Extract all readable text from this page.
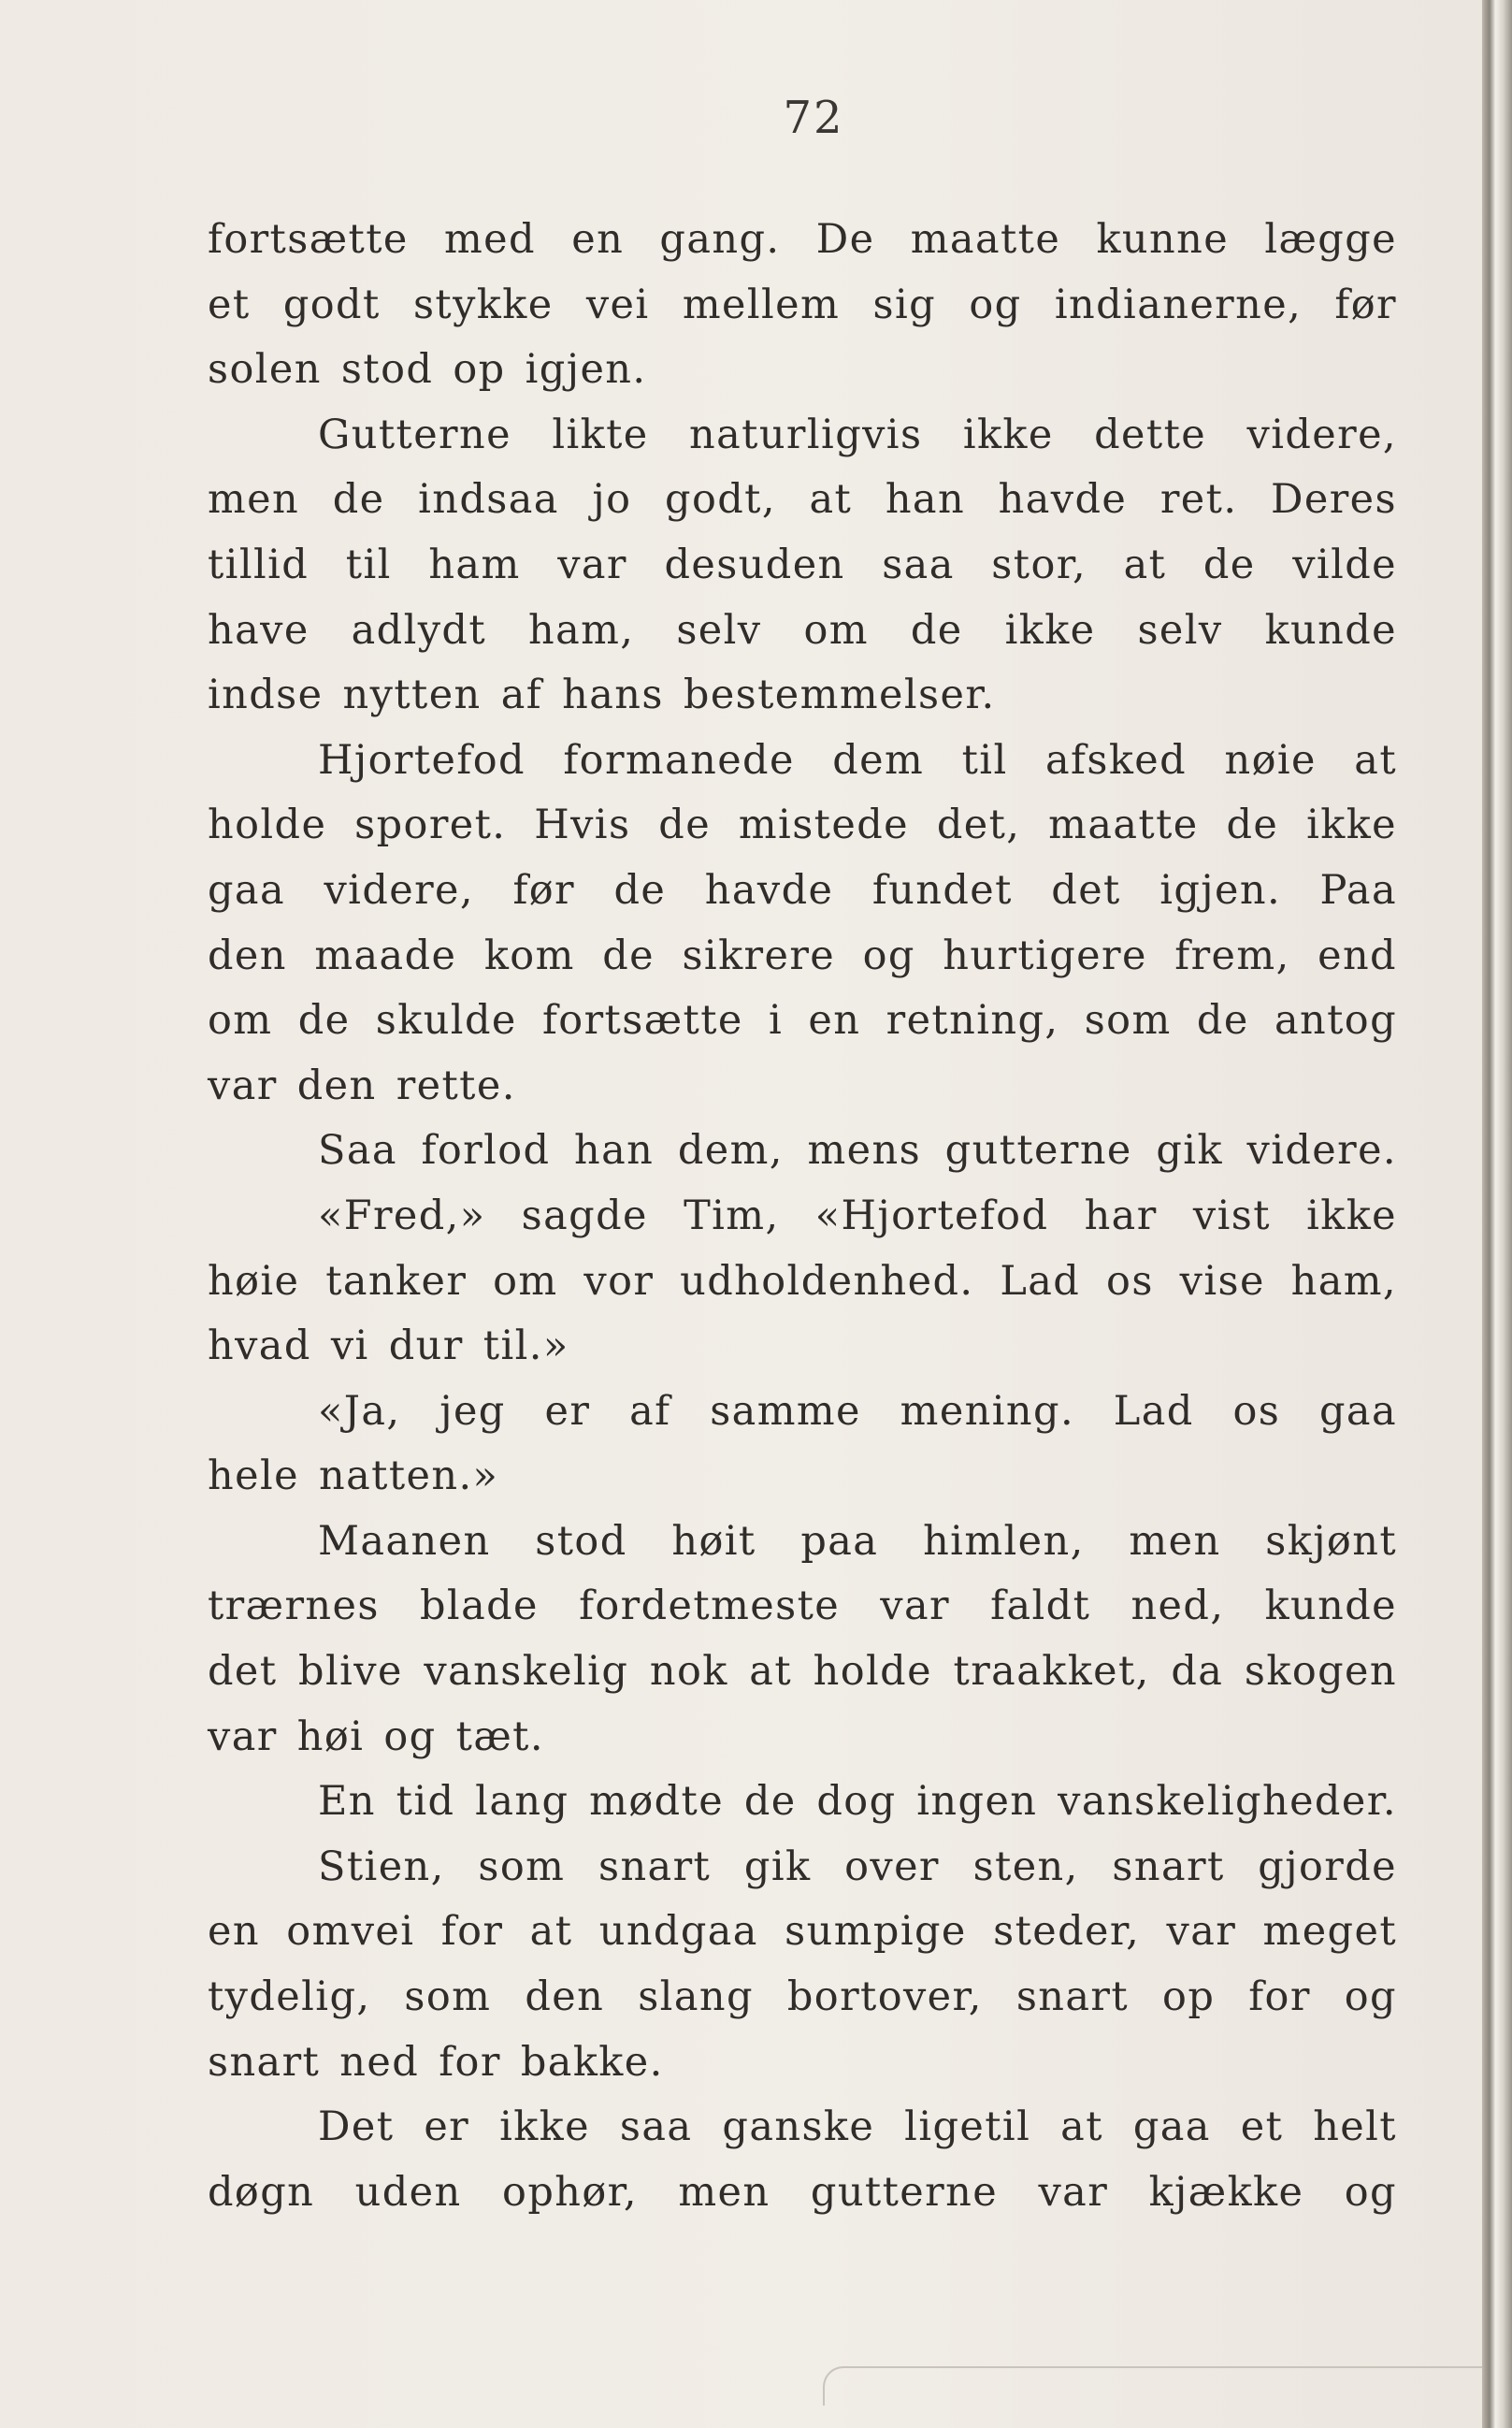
72
fortsætte med en gang. De maatte kunne lægge
et godt stykke vei mellem sig og indianerne, før
solen stod op igjen.
Gutterne likte naturligvis ikke dette videre,
men de indsaa jo godt, at han havde ret. Deres
tillid til ham var desuden saa stor, at de vilde
have adlydt ham, selv om de ikke selv kunde
indse nytten af hans bestemmelser.
Hjortefod formanede dem til afsked nøie at
holde sporet. Hvis de mistede det, maatte de ikke
gaa videre, før de havde fundet det igjen. Paa
den maade kom de sikrere og hurtigere frem, end
om de skulde fortsætte i en retning, som de antog
var den rette.
Saa forlod han dem, mens gutterne gik videre.
«Fred,» sagde Tim, «Hjortefod har vist ikke
høie tanker om vor udholdenhed. Lad os vise ham,
hvad vi dur til.»
«Ja, jeg er af samme mening. Lad os gaa
hele natten.»
Maanen stod høit paa himlen, men skjønt
trærnes blade fordetmeste var faldt ned, kunde
det blive vanskelig nok at holde traakket, da skogen
var høi og tæt.
En tid lang mødte de dog ingen vanskeligheder.
Stien, som snart gik over sten, snart gjorde
en omvei for at undgaa sumpige steder, var meget
tydelig, som den slang bortover, snart op for og
snart ned for bakke.
Det er ikke saa ganske ligetil at gaa et helt
døgn uden ophør, men gutterne var kjække og
